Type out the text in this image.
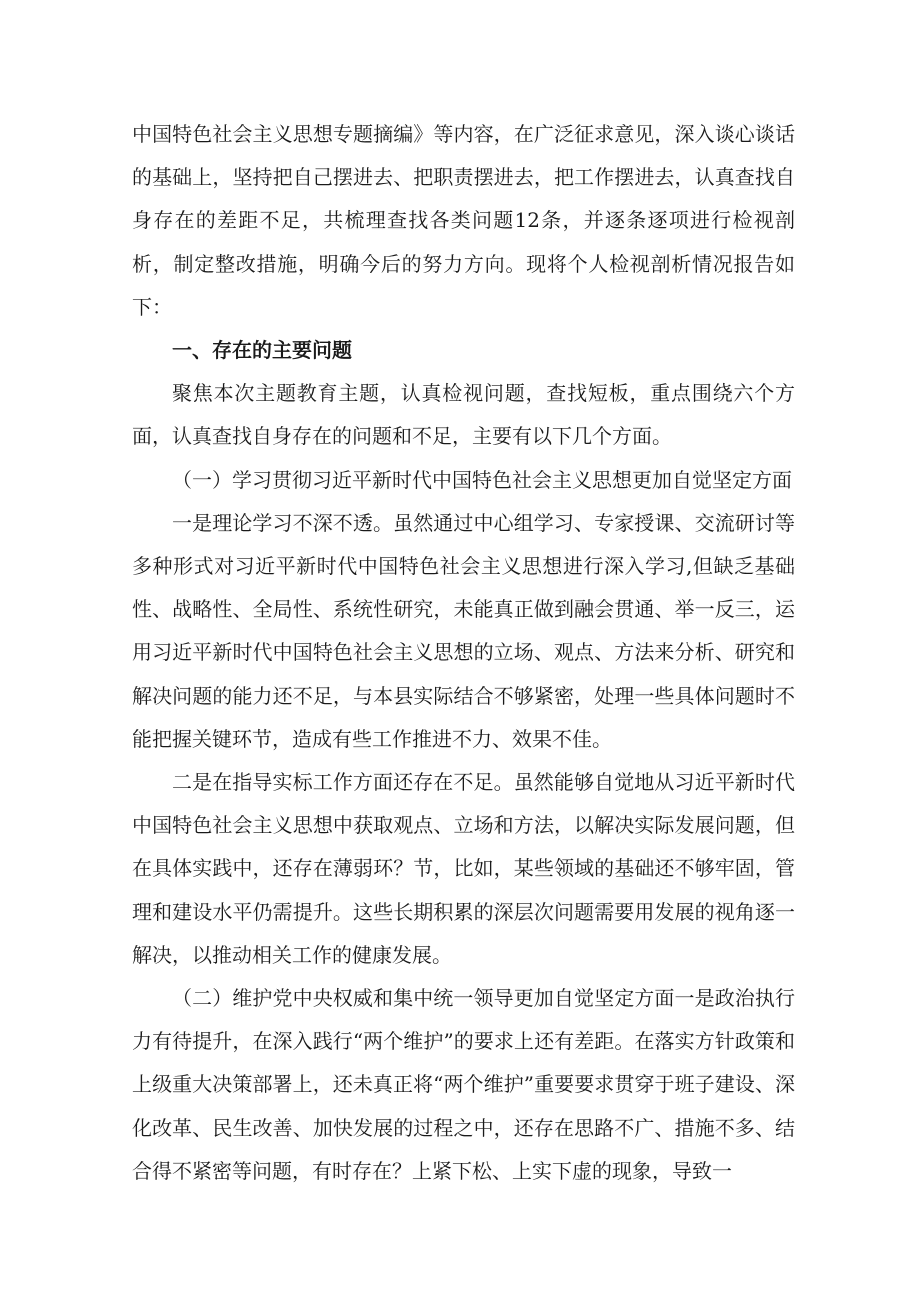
中国特色社会主义思想专题摘编》等内容，在广泛征求意见，深入谈心谈话的基础上，坚持把自己摆进去、把职责摆进去，把工作摆进去，认真查找自身存在的差距不足，共梳理查找各类问题12条，并逐条逐项进行检视剖析，制定整改措施，明确今后的努力方向。现将个人检视剖析情况报告如下：

一、存在的主要问题

聚焦本次主题教育主题，认真检视问题，查找短板，重点围绕六个方面，认真查找自身存在的问题和不足，主要有以下几个方面。

（一）学习贯彻习近平新时代中国特色社会主义思想更加自觉坚定方面

一是理论学习不深不透。虽然通过中心组学习、专家授课、交流研讨等多种形式对习近平新时代中国特色社会主义思想进行深入学习,但缺乏基础性、战略性、全局性、系统性研究，未能真正做到融会贯通、举一反三，运用习近平新时代中国特色社会主义思想的立场、观点、方法来分析、研究和解决问题的能力还不足，与本县实际结合不够紧密，处理一些具体问题时不能把握关键环节，造成有些工作推进不力、效果不佳。

二是在指导实标工作方面还存在不足。虽然能够自觉地从习近平新时代中国特色社会主义思想中获取观点、立场和方法，以解决实际发展问题，但在具体实践中，还存在薄弱环？节，比如，某些领域的基础还不够牢固，管理和建设水平仍需提升。这些长期积累的深层次问题需要用发展的视角逐一解决，以推动相关工作的健康发展。

（二）维护党中央权威和集中统一领导更加自觉坚定方面一是政治执行力有待提升，在深入践行“两个维护”的要求上还有差距。在落实方针政策和上级重大决策部署上，还未真正将“两个维护”重要要求贯穿于班子建设、深化改革、民生改善、加快发展的过程之中，还存在思路不广、措施不多、结合得不紧密等问题，有时存在？上紧下松、上实下虚的现象，导致一
